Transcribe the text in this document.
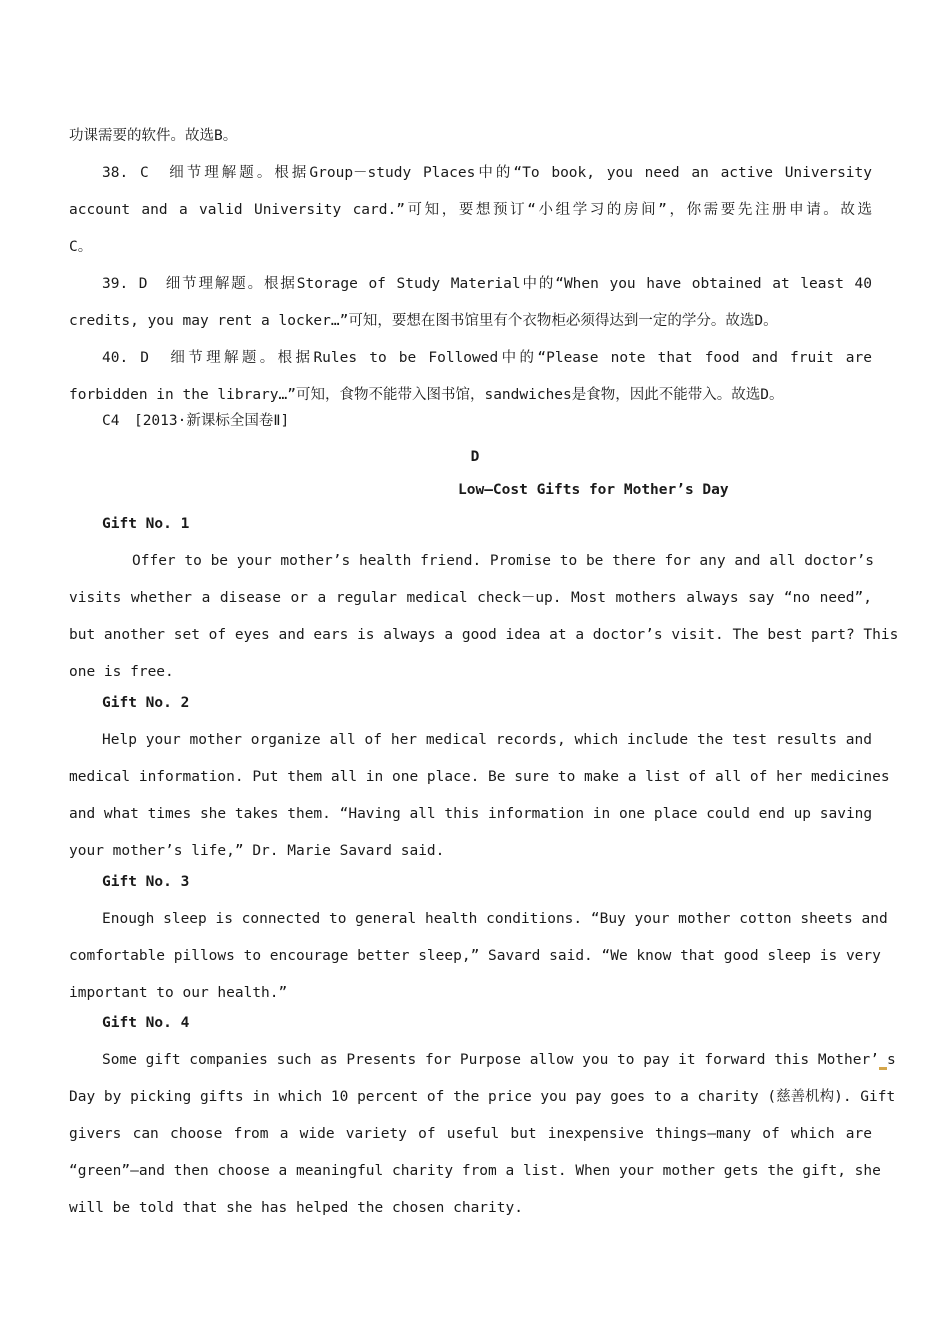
功课需要的软件。故选B。
38. C　细节理解题。根据Group－study Places中的“To book, you need an active University
account and a valid University card.”可知，要想预订“小组学习的房间”，你需要先注册申请。故选
C。
39. D　细节理解题。根据Storage of Study Material中的“When you have obtained at least 40
credits, you may rent a locker…”可知，要想在图书馆里有个衣物柜必须得达到一定的学分。故选D。
40. D　细节理解题。根据Rules to be Followed中的“Please note that food and fruit are
forbidden in the library…”可知，食物不能带入图书馆，sandwiches是食物，因此不能带入。故选D。
C4　[2013·新课标全国卷Ⅱ]
D
Low—Cost Gifts for Mother’s Day
Gift No. 1
Offer to be your mother’s health friend. Promise to be there for any and all doctor’s
visits whether a disease or a regular medical check－up. Most mothers always say “no need”,
but another set of eyes and ears is always a good idea at a doctor’s visit. The best part? This
one is free.
Gift No. 2
Help your mother organize all of her medical records, which include the test results and
medical information. Put them all in one place. Be sure to make a list of all of her medicines
and what times she takes them. “Having all this information in one place could end up saving
your mother’s life,” Dr. Marie Savard said.
Gift No. 3
Enough sleep is connected to general health conditions. “Buy your mother cotton sheets and
comfortable pillows to encourage better sleep,” Savard said. “We know that good sleep is very
important to our health.”
Gift No. 4
Some gift companies such as Presents for Purpose allow you to pay it forward this Mother’ s
Day by picking gifts in which 10 percent of the price you pay goes to a charity (慈善机构). Gift
givers can choose from a wide variety of useful but inexpensive things—many of which are
“green”—and then choose a meaningful charity from a list. When your mother gets the gift, she
will be told that she has helped the chosen charity.
